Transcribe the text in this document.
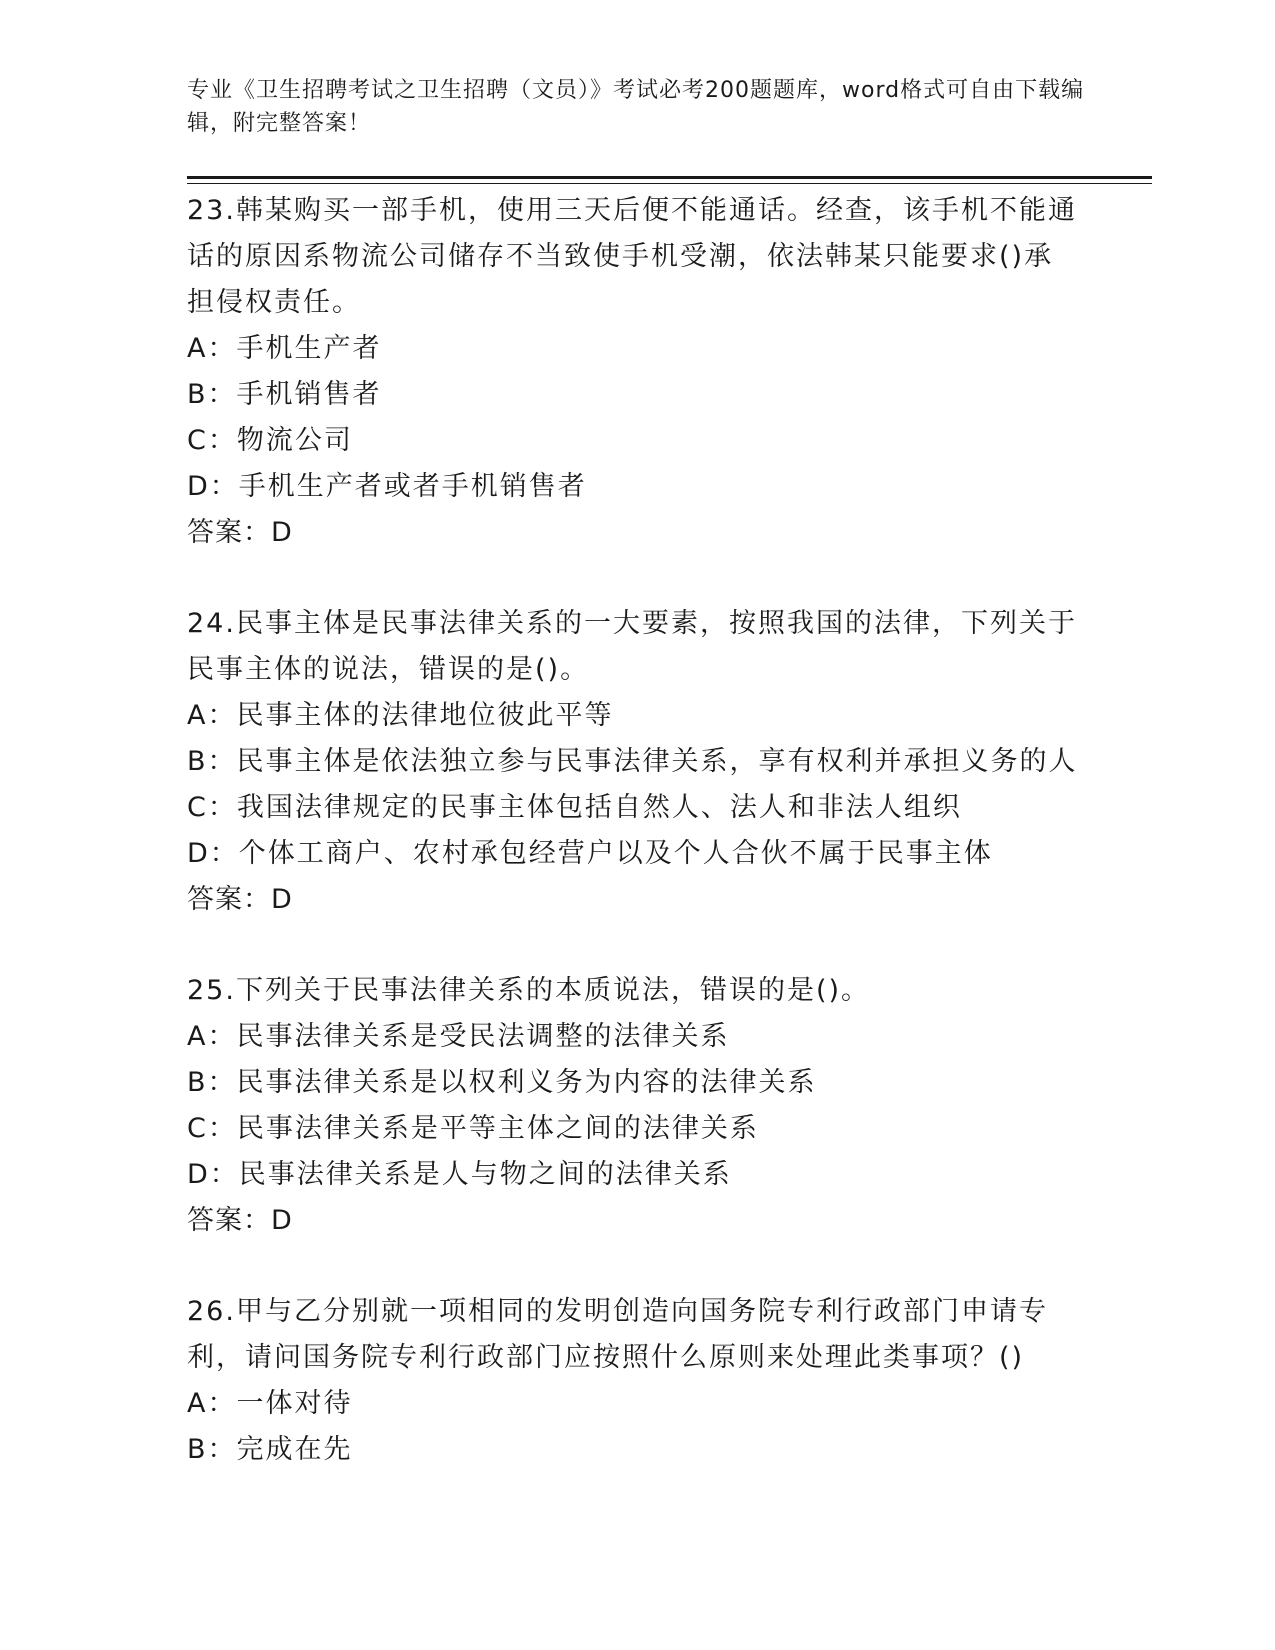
专业《卫生招聘考试之卫生招聘（文员）》考试必考200题题库，word格式可自由下载编辑，附完整答案！

23.韩某购买一部手机，使用三天后便不能通话。经查，该手机不能通话的原因系物流公司储存不当致使手机受潮，依法韩某只能要求()承担侵权责任。

A：手机生产者

B：手机销售者

C：物流公司

D：手机生产者或者手机销售者

答案：D

24.民事主体是民事法律关系的一大要素，按照我国的法律，下列关于民事主体的说法，错误的是()。

A：民事主体的法律地位彼此平等

B：民事主体是依法独立参与民事法律关系，享有权利并承担义务的人

C：我国法律规定的民事主体包括自然人、法人和非法人组织

D：个体工商户、农村承包经营户以及个人合伙不属于民事主体

答案：D

25.下列关于民事法律关系的本质说法，错误的是()。

A：民事法律关系是受民法调整的法律关系

B：民事法律关系是以权利义务为内容的法律关系

C：民事法律关系是平等主体之间的法律关系

D：民事法律关系是人与物之间的法律关系

答案：D

26.甲与乙分别就一项相同的发明创造向国务院专利行政部门申请专利，请问国务院专利行政部门应按照什么原则来处理此类事项？()

A：一体对待

B：完成在先
